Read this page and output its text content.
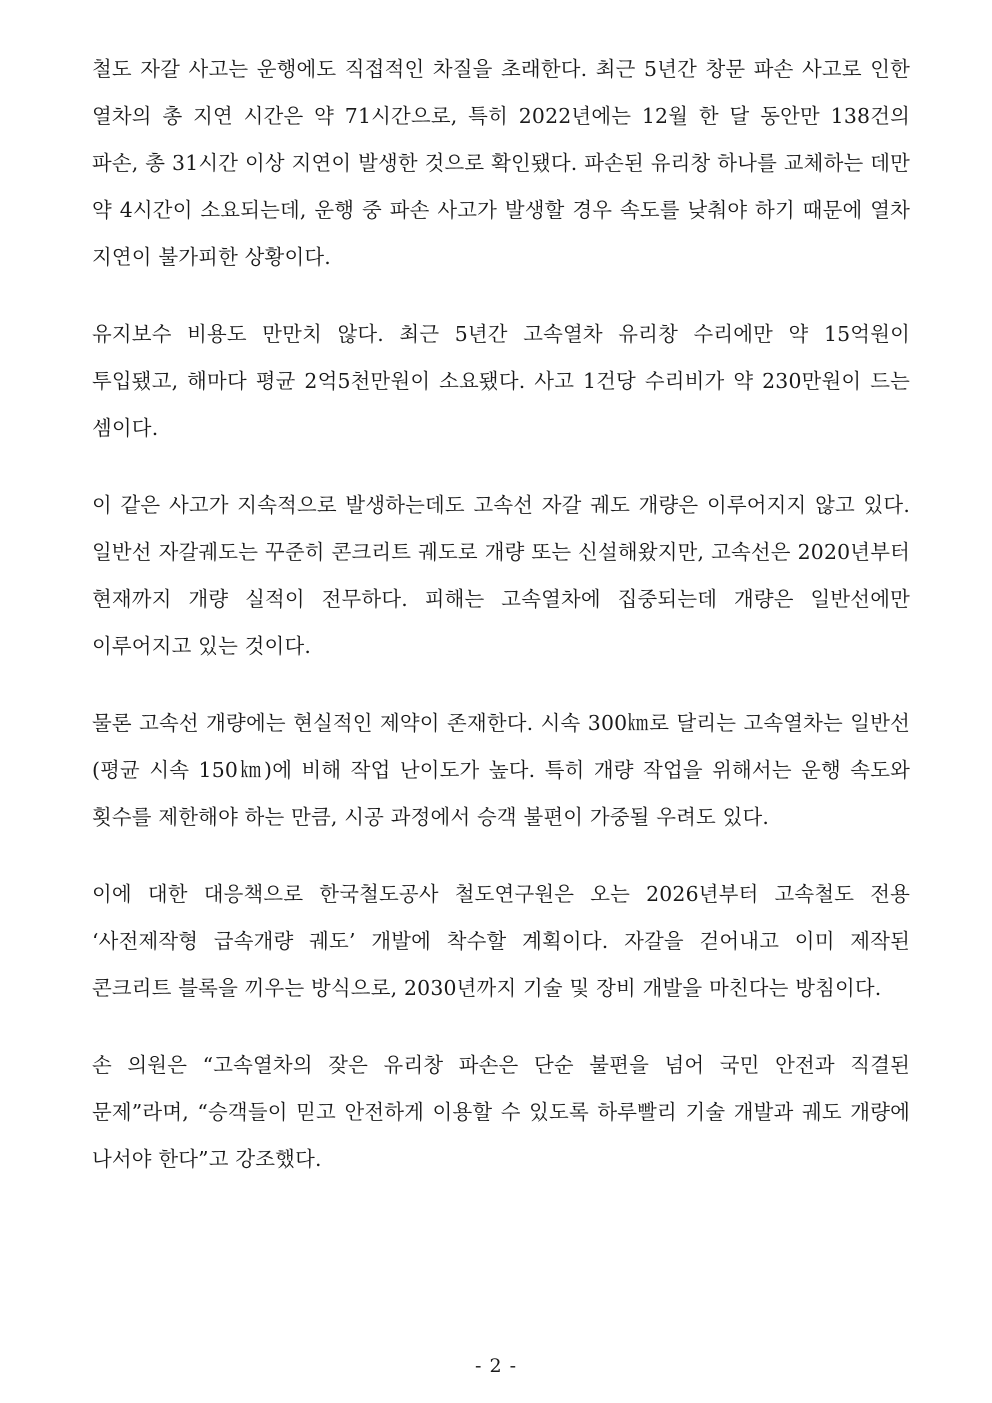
철도 자갈 사고는 운행에도 직접적인 차질을 초래한다. 최근 5년간 창문 파손 사고로 인한 열차의 총 지연 시간은 약 71시간으로, 특히 2022년에는 12월 한 달 동안만 138건의 파손, 총 31시간 이상 지연이 발생한 것으로 확인됐다. 파손된 유리창 하나를 교체하는 데만 약 4시간이 소요되는데, 운행 중 파손 사고가 발생할 경우 속도를 낮춰야 하기 때문에 열차 지연이 불가피한 상황이다.

유지보수 비용도 만만치 않다. 최근 5년간 고속열차 유리창 수리에만 약 15억원이 투입됐고, 해마다 평균 2억5천만원이 소요됐다. 사고 1건당 수리비가 약 230만원이 드는 셈이다.

이 같은 사고가 지속적으로 발생하는데도 고속선 자갈 궤도 개량은 이루어지지 않고 있다. 일반선 자갈궤도는 꾸준히 콘크리트 궤도로 개량 또는 신설해왔지만, 고속선은 2020년부터 현재까지 개량 실적이 전무하다. 피해는 고속열차에 집중되는데 개량은 일반선에만 이루어지고 있는 것이다.

물론 고속선 개량에는 현실적인 제약이 존재한다. 시속 300㎞로 달리는 고속열차는 일반선(평균 시속 150㎞)에 비해 작업 난이도가 높다. 특히 개량 작업을 위해서는 운행 속도와 횟수를 제한해야 하는 만큼, 시공 과정에서 승객 불편이 가중될 우려도 있다.

이에 대한 대응책으로 한국철도공사 철도연구원은 오는 2026년부터 고속철도 전용 ‘사전제작형 급속개량 궤도’ 개발에 착수할 계획이다. 자갈을 걷어내고 이미 제작된 콘크리트 블록을 끼우는 방식으로, 2030년까지 기술 및 장비 개발을 마친다는 방침이다.

손 의원은 “고속열차의 잦은 유리창 파손은 단순 불편을 넘어 국민 안전과 직결된 문제”라며, “승객들이 믿고 안전하게 이용할 수 있도록 하루빨리 기술 개발과 궤도 개량에 나서야 한다”고 강조했다.

- 2 -
